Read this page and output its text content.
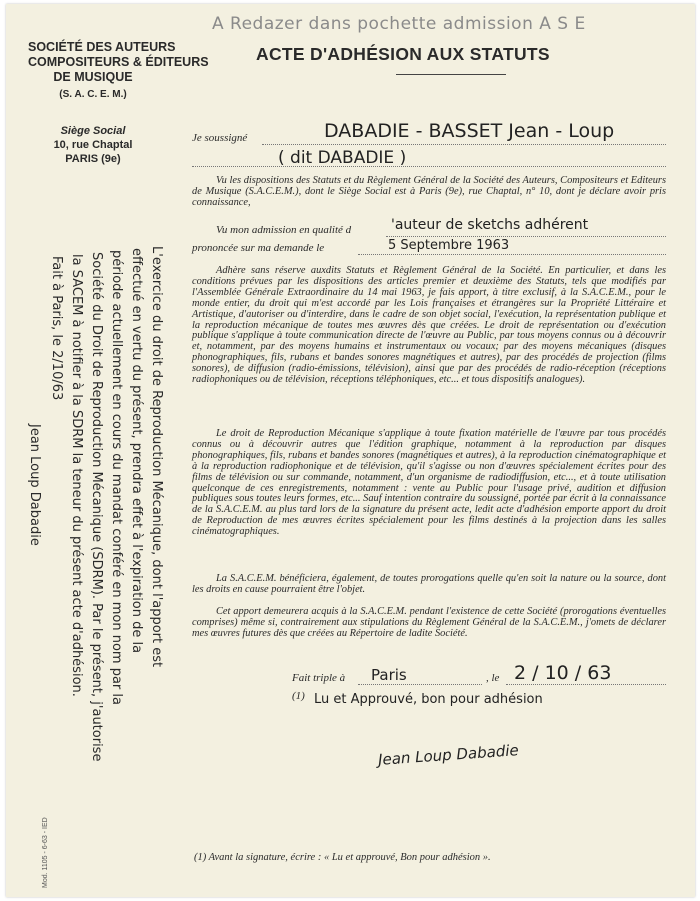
A Redazer dans pochette admission A S E
SOCIÉTÉ DES AUTEURS
COMPOSITEURS & ÉDITEURS
DE MUSIQUE
(S. A. C. E. M.)
Siège Social
10, rue Chaptal
PARIS (9e)
ACTE D'ADHÉSION AUX STATUTS
Je soussigné	DABADIE - BASSET Jean - Loup
( dit DABADIE )

Vu les dispositions des Statuts et du Règlement Général de la Société des Auteurs, Compositeurs et Editeurs de Musique (S.A.C.E.M.), dont le Siège Social est à Paris (9e), rue Chaptal, n° 10, dont je déclare avoir pris connaissance,

Vu mon admission en qualité d	'auteur de sketchs adhérent
prononcée sur ma demande le	5 Septembre 1963

Adhère sans réserve auxdits Statuts et Règlement Général de la Société. En particulier, et dans les conditions prévues par les dispositions des articles premier et deuxième des Statuts, tels que modifiés par l'Assemblée Générale Extraordinaire du 14 mai 1963, je fais apport, à titre exclusif, à la S.A.C.E.M., pour le monde entier, du droit qui m'est accordé par les Lois françaises et étrangères sur la Propriété Littéraire et Artistique, d'autoriser ou d'interdire, dans le cadre de son objet social, l'exécution, la représentation publique et la reproduction mécanique de toutes mes œuvres dès que créées. Le droit de représentation ou d'exécution publique s'applique à toute communication directe de l'œuvre au Public, par tous moyens connus ou à découvrir et, notamment, par des moyens humains et instrumentaux ou vocaux; par des moyens mécaniques (disques phonographiques, fils, rubans et bandes sonores magnétiques et autres), par des procédés de projection (films sonores), de diffusion (radio-émissions, télévision), ainsi que par des procédés de radio-réception (réceptions radiophoniques ou de télévision, réceptions téléphoniques, etc... et tous dispositifs analogues).

Le droit de Reproduction Mécanique s'applique à toute fixation matérielle de l'œuvre par tous procédés connus ou à découvrir autres que l'édition graphique, notamment à la reproduction par disques phonographiques, fils, rubans et bandes sonores (magnétiques et autres), à la reproduction cinématographique et à la reproduction radiophonique et de télévision, qu'il s'agisse ou non d'œuvres spécialement écrites pour des films de télévision ou sur commande, notamment, d'un organisme de radiodiffusion, etc..., et à toute utilisation quelconque de ces enregistrements, notamment : vente au Public pour l'usage privé, audition et diffusion publiques sous toutes leurs formes, etc... Sauf intention contraire du soussigné, portée par écrit à la connaissance de la S.A.C.E.M. au plus tard lors de la signature du présent acte, ledit acte d'adhésion emporte apport du droit de Reproduction de mes œuvres écrites spécialement pour les films destinés à la projection dans les salles cinématographiques.

La S.A.C.E.M. bénéficiera, également, de toutes prorogations quelle qu'en soit la nature ou la source, dont les droits en cause pourraient être l'objet.

Cet apport demeurera acquis à la S.A.C.E.M. pendant l'existence de cette Société (prorogations éventuelles comprises) même si, contrairement aux stipulations du Règlement Général de la S.A.C.E.M., j'omets de déclarer mes œuvres futures dès que créées au Répertoire de ladite Société.

Fait triple à Paris	, le 2 / 10 / 63
(1) Lu et Approuvé, bon pour adhésion
Jean Loup Dabadie
(1) Avant la signature, écrire : « Lu et approuvé, Bon pour adhésion ».
Mod. 1105 - 6-63 - IED
L'exercice du droit de Reproduction Mécanique, dont l'apport est
effectué en vertu du présent, prendra effet à l'expiration de la
période actuellement en cours du mandat conféré en mon nom par la
Société du Droit de Reproduction Mécanique (SDRM). Par le présent, j'autorise
la SACEM à notifier à la SDRM la teneur du présent acte d'adhésion.
Fait à Paris, le 2/10/63
Jean Loup Dabadie
